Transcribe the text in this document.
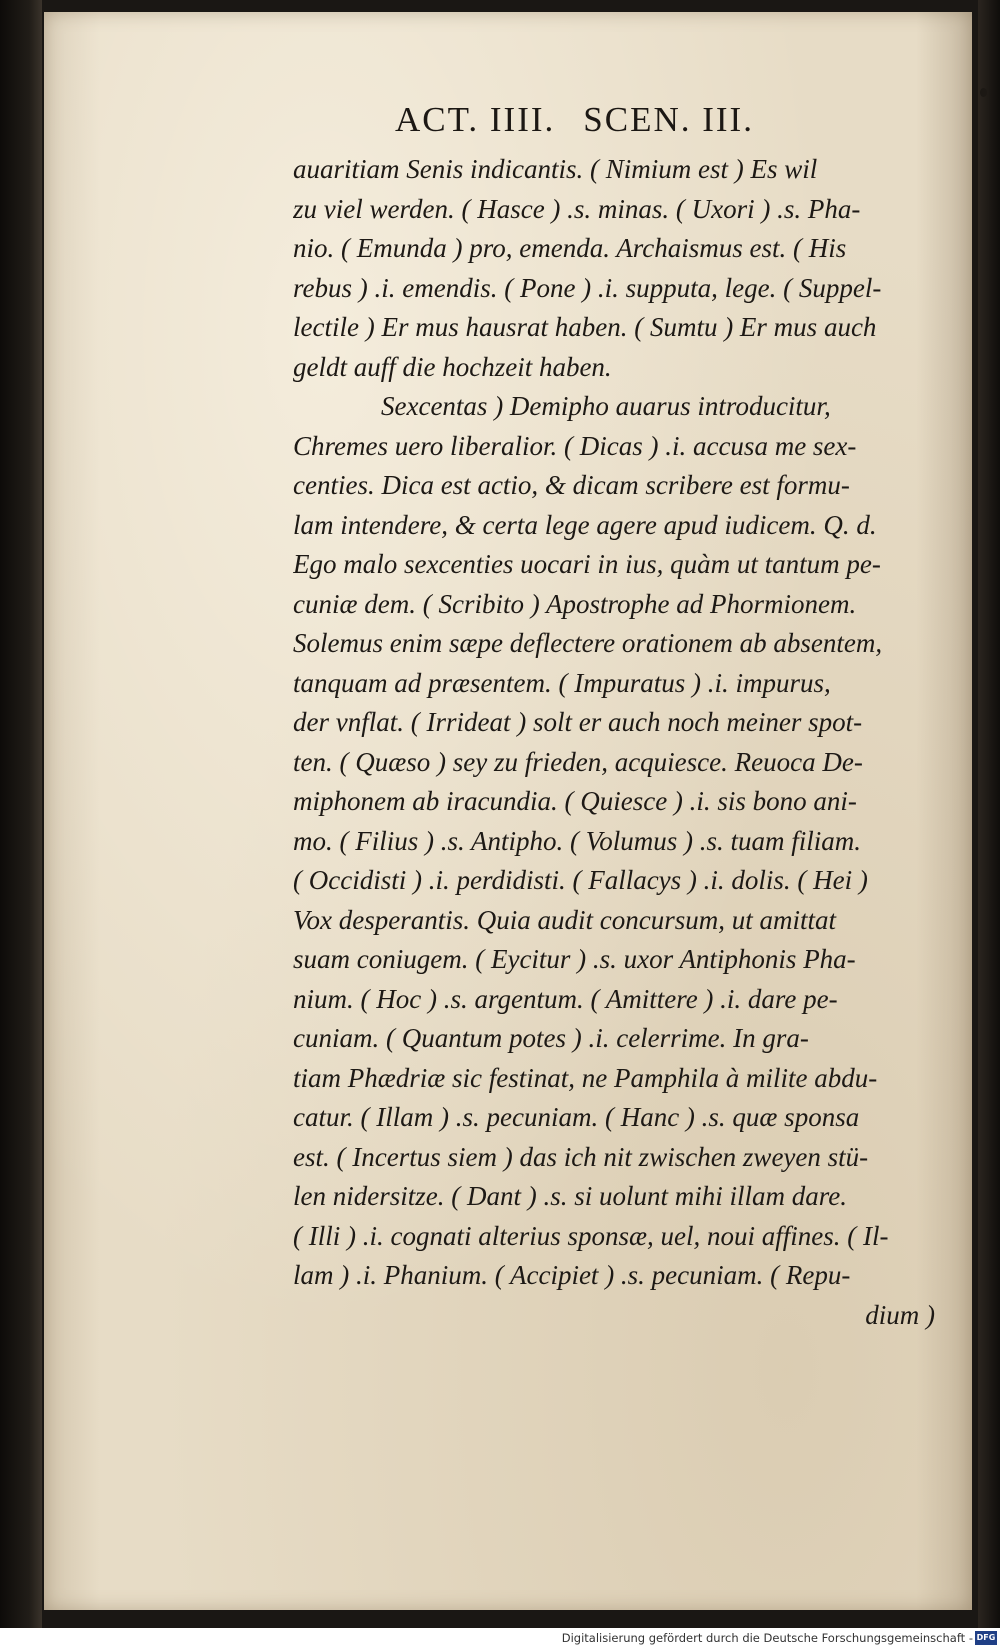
ACT. IIII. SCEN. III.
auaritiam Senis indicantis. ( Nimium est ) Es wil
zu viel werden. ( Hasce ) .s. minas. ( Uxori ) .s. Pha-
nio. ( Emunda ) pro, emenda. Archaismus est. ( His
rebus ) .i. emendis. ( Pone ) .i. supputa, lege. ( Suppel-
lectile ) Er mus hausrat haben. ( Sumtu ) Er mus auch
geldt auff die hochzeit haben.
Sexcentas ) Demipho auarus introducitur,
Chremes uero liberalior. ( Dicas ) .i. accusa me sex-
centies. Dica est actio, & dicam scribere est formu-
lam intendere, & certa lege agere apud iudicem. Q. d.
Ego malo sexcenties uocari in ius, quàm ut tantum pe-
cuniæ dem. ( Scribito ) Apostrophe ad Phormionem.
Solemus enim sæpe deflectere orationem ab absentem,
tanquam ad præsentem. ( Impuratus ) .i. impurus,
der vnflat. ( Irrideat ) solt er auch noch meiner spot-
ten. ( Quæso ) sey zu frieden, acquiesce. Reuoca De-
miphonem ab iracundia. ( Quiesce ) .i. sis bono ani-
mo. ( Filius ) .s. Antipho. ( Volumus ) .s. tuam filiam.
( Occidisti ) .i. perdidisti. ( Fallacys ) .i. dolis. ( Hei )
Vox desperantis. Quia audit concursum, ut amittat
suam coniugem. ( Eycitur ) .s. uxor Antiphonis Pha-
nium. ( Hoc ) .s. argentum. ( Amittere ) .i. dare pe-
cuniam. ( Quantum potes ) .i. celerrime. In gra-
tiam Phædriæ sic festinat, ne Pamphila à milite abdu-
catur. ( Illam ) .s. pecuniam. ( Hanc ) .s. quæ sponsa
est. ( Incertus siem ) das ich nit zwischen zweyen stü-
len nidersitze. ( Dant ) .s. si uolunt mihi illam dare.
( Illi ) .i. cognati alterius sponsæ, uel, noui affines. ( Il-
lam ) .i. Phanium. ( Accipiet ) .s. pecuniam. ( Repu-
dium )
Digitalisierung gefördert durch die Deutsche Forschungsgemeinschaft - DFG
